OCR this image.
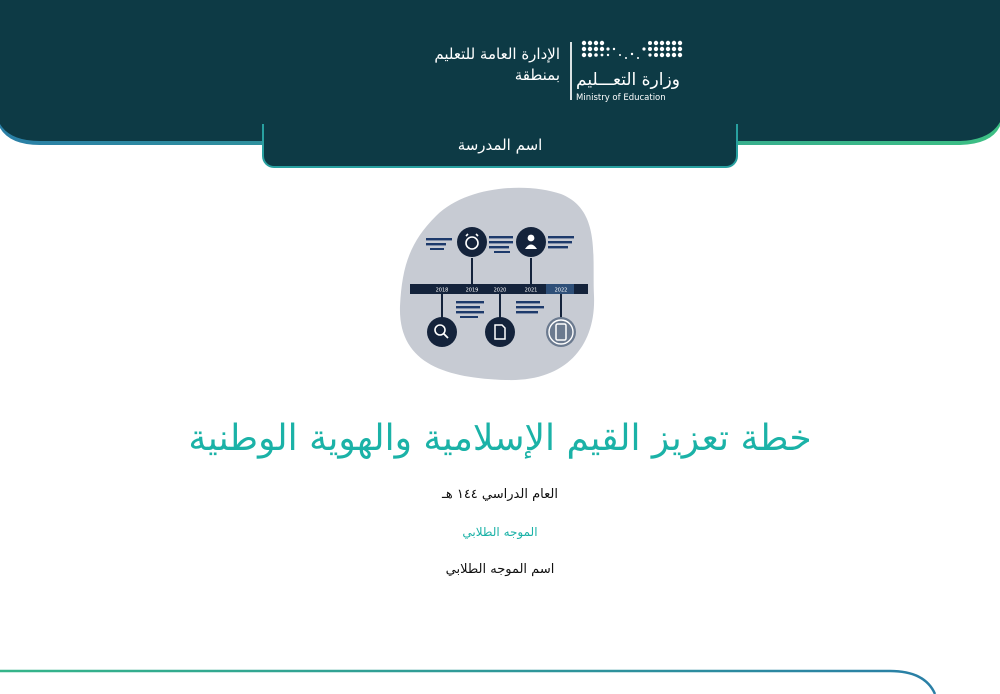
الإدارة العامة للتعليم
بمنطقة وزارة التعـــليم
Ministry of Education
اسم المدرسة
2018	2019	2020	2021	2022
خطة تعزيز القيم الإسلامية والهوية الوطنية
العام الدراسي ١٤٤ هـ
الموجه الطلابي
اسم الموجه الطلابي
